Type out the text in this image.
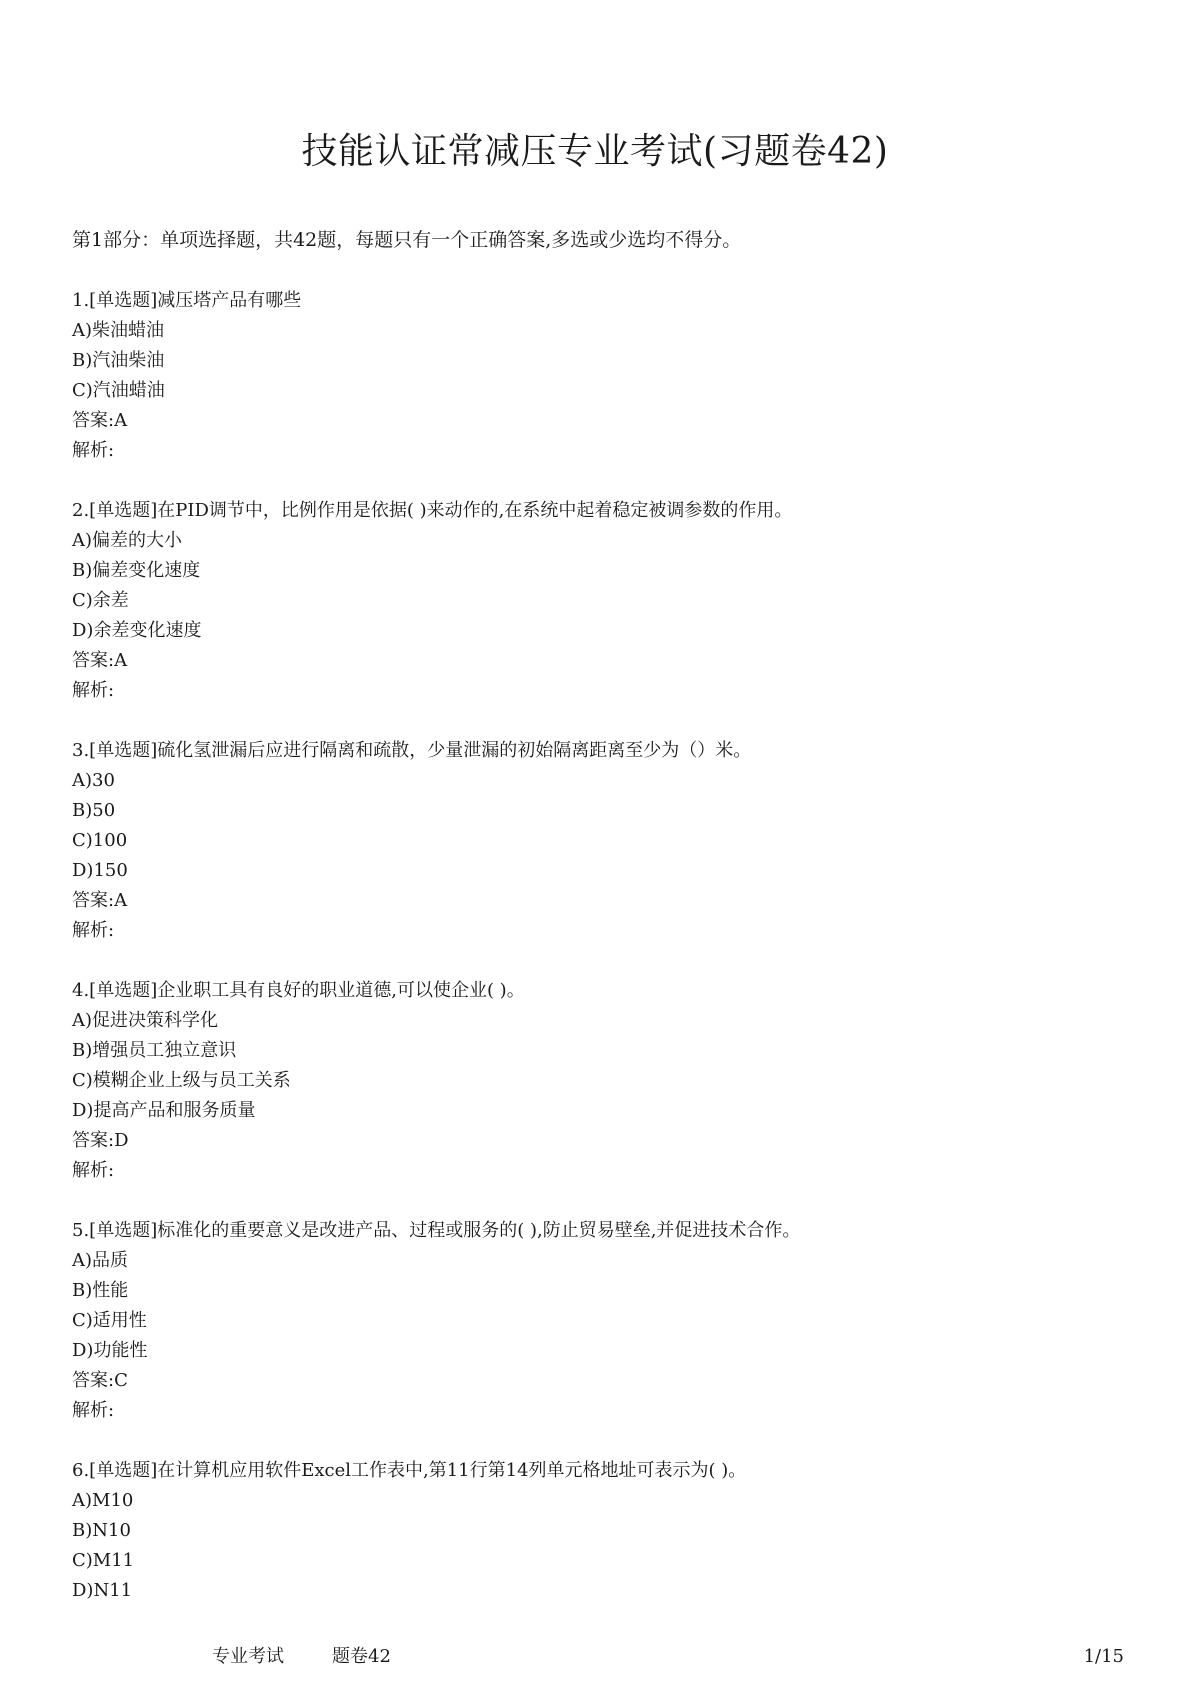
技能认证常减压专业考试(习题卷42)
第1部分：单项选择题，共42题，每题只有一个正确答案,多选或少选均不得分。
1.[单选题]减压塔产品有哪些
A)柴油蜡油
B)汽油柴油
C)汽油蜡油
答案:A
解析:
2.[单选题]在PID调节中，比例作用是依据( )来动作的,在系统中起着稳定被调参数的作用。
A)偏差的大小
B)偏差变化速度
C)余差
D)余差变化速度
答案:A
解析:
3.[单选题]硫化氢泄漏后应进行隔离和疏散，少量泄漏的初始隔离距离至少为（）米。
A)30
B)50
C)100
D)150
答案:A
解析:
4.[单选题]企业职工具有良好的职业道德,可以使企业( )。
A)促进决策科学化
B)增强员工独立意识
C)模糊企业上级与员工关系
D)提高产品和服务质量
答案:D
解析:
5.[单选题]标准化的重要意义是改进产品、过程或服务的( ),防止贸易壁垒,并促进技术合作。
A)品质
B)性能
C)适用性
D)功能性
答案:C
解析:
6.[单选题]在计算机应用软件Excel工作表中,第11行第14列单元格地址可表示为( )。
A)M10
B)N10
C)M11
D)N11
专业考试	题卷42	1/15
